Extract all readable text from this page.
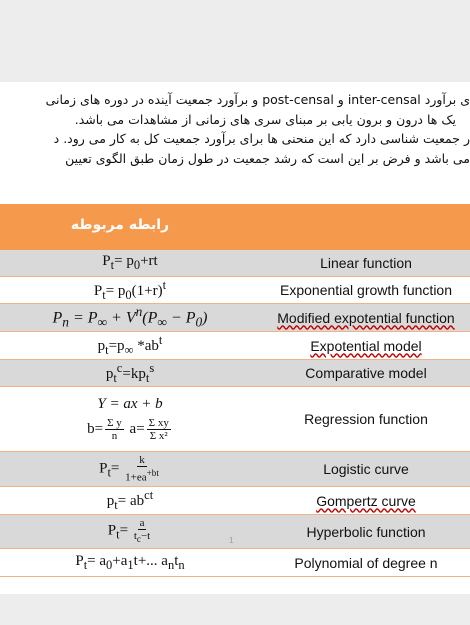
ی برآورد inter-censal و post-censal و برآورد جمعیت آینده در دوره های زمانی
یک ها درون و برون یابی بر مبنای سری های زمانی از مشاهدات می باشد.
ر جمعیت شناسی دارد که این منحنی ها برای برآورد جمعیت کل به کار می رود. د
می باشد و فرض بر این است که رشد جمعیت در طول زمان طبق الگوی تعیین
رابطه مربوطه
$P_t= p_0+rt$	Linear function
$P_t= p_0(1+r)^t$	Exponential growth function
$P_n = P_\infty + V^n(P_\infty - P_0)$	Modified expotential function
$p_t=p_\infty$ $*ab^t$	Expotential model
$p_t^c=kp_t^s$	Comparative model
Y = ax + b
$b= \frac{\text{Σ y}}{n} a= \frac{\text{Σ xy}}{\text{Σ x²}}$	Regression function
$P_t= \frac{k}{1+ea^{+bt}}$	Logistic curve
$p_t= ab^{ct}$	Gompertz curve
$P_t= \frac{a}{t_c-t}$	Hyperbolic function
$P_t= a_0+a_1t+$... $a_nt_n$	Polynomial of degree n
1
